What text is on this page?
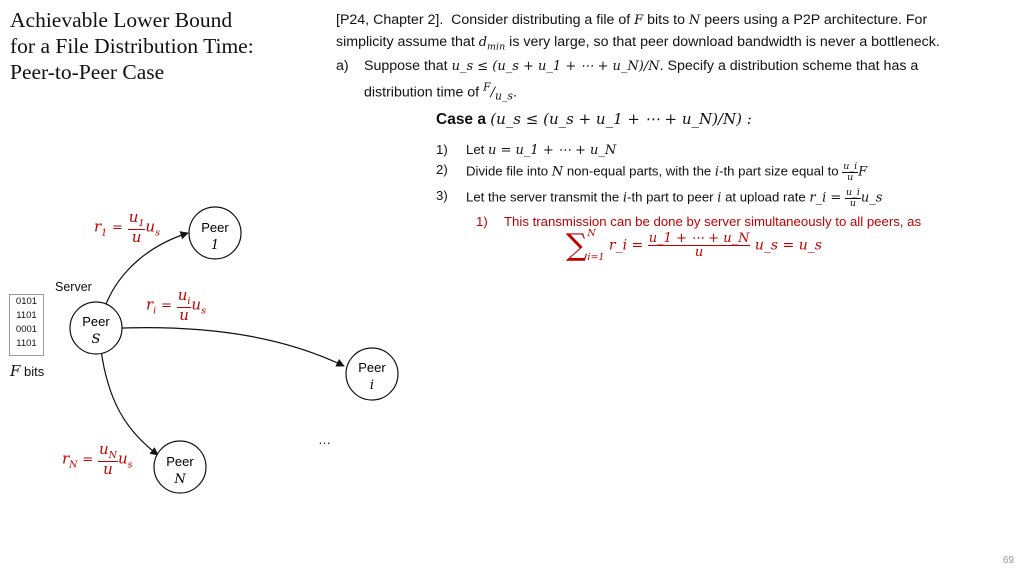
Achievable Lower Bound
for a File Distribution Time:
Peer-to-Peer Case
[P24, Chapter 2]. Consider distributing a file of F bits to N peers using a P2P architecture. For
simplicity assume that $d_{min}$ is very large, so that peer download bandwidth is never a bottleneck.
a) Suppose that u_s ≤ (u_s + u_1 + ⋯ + u_N)/N. Specify a distribution scheme that has a
distribution time of $^F/_{u\_s}$.
Case a (u_s ≤ (u_s + u_1 + ⋯ + u_N)/N) :
1) Let u = u_1 + ⋯ + u_N
2) Divide file into N non-equal parts, with the i-th part size equal to $\frac{u\_i}{u}$ F
3) Let the server transmit the i-th part to peer i at upload rate r_i = $\frac{u\_i}{u}$ u_s
1) This transmission can be done by server simultaneously to all peers, as
∑ N
i=1
r_i = $\frac{u\_1 + \cdots + u\_N}{u}$ u_s = u_s
Server
0101
1101
0001
1101
F bits
Peer
S
Peer
1
Peer
i
Peer
N
$r_1 = \frac{u_1}{u} u_s$
$r_i = \frac{u_i}{u} u_s$
$r_N = \frac{u_N}{u} u_s$
…
69
